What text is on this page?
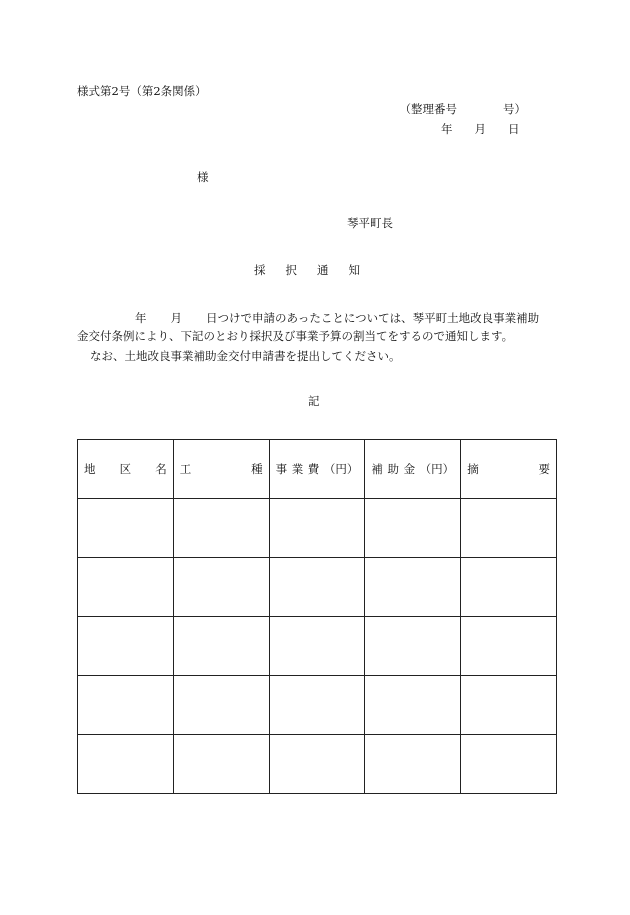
様式第2号（第2条関係）
（整理番号　　　　号）
年 月 日
様
琴平町長
採 択 通 知
年 月 日つけで申請のあったことについては、琴平町土地改良事業補助
金交付条例により、下記のとおり採択及び事業予算の割当てをするので通知します。
なお、土地改良事業補助金交付申請書を提出してください。
記
地 区 名	工 種	事 業 費 （円）	補 助 金 （円）	摘 要
